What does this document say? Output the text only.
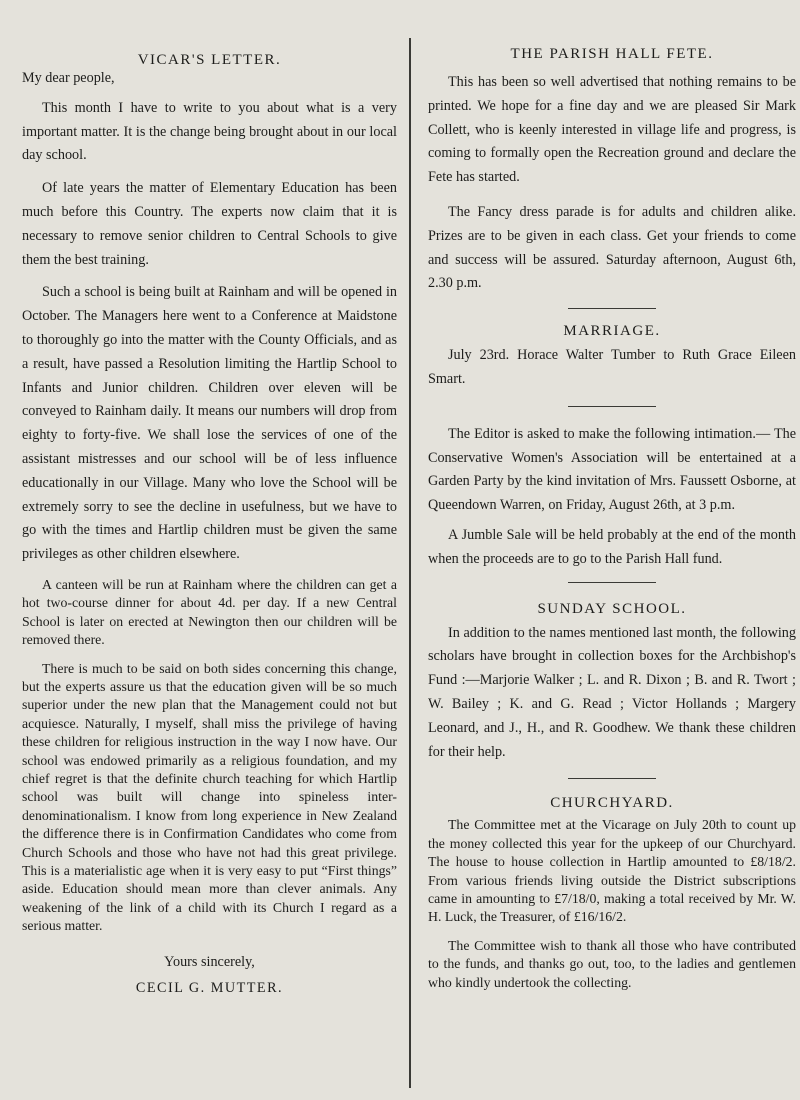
VICAR'S LETTER.

My dear people,

This month I have to write to you about what is a very important matter. It is the change being brought about in our local day school.

Of late years the matter of Elementary Education has been much before this Country. The experts now claim that it is necessary to remove senior children to Central Schools to give them the best training.

Such a school is being built at Rainham and will be opened in October. The Managers here went to a Conference at Maidstone to thoroughly go into the matter with the County Officials, and as a result, have passed a Resolution limiting the Hartlip School to Infants and Junior children. Children over eleven will be conveyed to Rainham daily. It means our numbers will drop from eighty to forty-five. We shall lose the services of one of the assistant mistresses and our school will be of less influence educationally in our Village. Many who love the School will be extremely sorry to see the decline in usefulness, but we have to go with the times and Hartlip children must be given the same privileges as other children elsewhere.

A canteen will be run at Rainham where the children can get a hot two-course dinner for about 4d. per day. If a new Central School is later on erected at Newington then our children will be removed there.

There is much to be said on both sides concerning this change, but the experts assure us that the education given will be so much superior under the new plan that the Management could not but acquiesce. Naturally, I myself, shall miss the privilege of having these children for religious instruction in the way I now have. Our school was endowed primarily as a religious foundation, and my chief regret is that the definite church teaching for which Hartlip school was built will change into spineless inter-denominationalism. I know from long experience in New Zealand the difference there is in Confirmation Candidates who come from Church Schools and those who have not had this great privilege. This is a materialistic age when it is very easy to put “First things” aside. Education should mean more than clever animals. Any weakening of the link of a child with its Church I regard as a serious matter.

Yours sincerely,
CECIL G. MUTTER.
THE PARISH HALL FETE.

This has been so well advertised that nothing remains to be printed. We hope for a fine day and we are pleased Sir Mark Collett, who is keenly interested in village life and progress, is coming to formally open the Recreation ground and declare the Fete has started.

The Fancy dress parade is for adults and children alike. Prizes are to be given in each class. Get your friends to come and success will be assured. Saturday afternoon, August 6th, 2.30 p.m.

MARRIAGE.

July 23rd. Horace Walter Tumber to Ruth Grace Eileen Smart.

The Editor is asked to make the following intimation.— The Conservative Women's Association will be entertained at a Garden Party by the kind invitation of Mrs. Faussett Osborne, at Queendown Warren, on Friday, August 26th, at 3 p.m.

A Jumble Sale will be held probably at the end of the month when the proceeds are to go to the Parish Hall fund.

SUNDAY SCHOOL.

In addition to the names mentioned last month, the following scholars have brought in collection boxes for the Archbishop's Fund :—Marjorie Walker ; L. and R. Dixon ; B. and R. Twort ; W. Bailey ; K. and G. Read ; Victor Hollands ; Margery Leonard, and J., H., and R. Goodhew. We thank these children for their help.

CHURCHYARD.

The Committee met at the Vicarage on July 20th to count up the money collected this year for the upkeep of our Churchyard. The house to house collection in Hartlip amounted to £8/18/2. From various friends living outside the District subscriptions came in amounting to £7/18/0, making a total received by Mr. W. H. Luck, the Treasurer, of £16/16/2.

The Committee wish to thank all those who have contributed to the funds, and thanks go out, too, to the ladies and gentlemen who kindly undertook the collecting.
